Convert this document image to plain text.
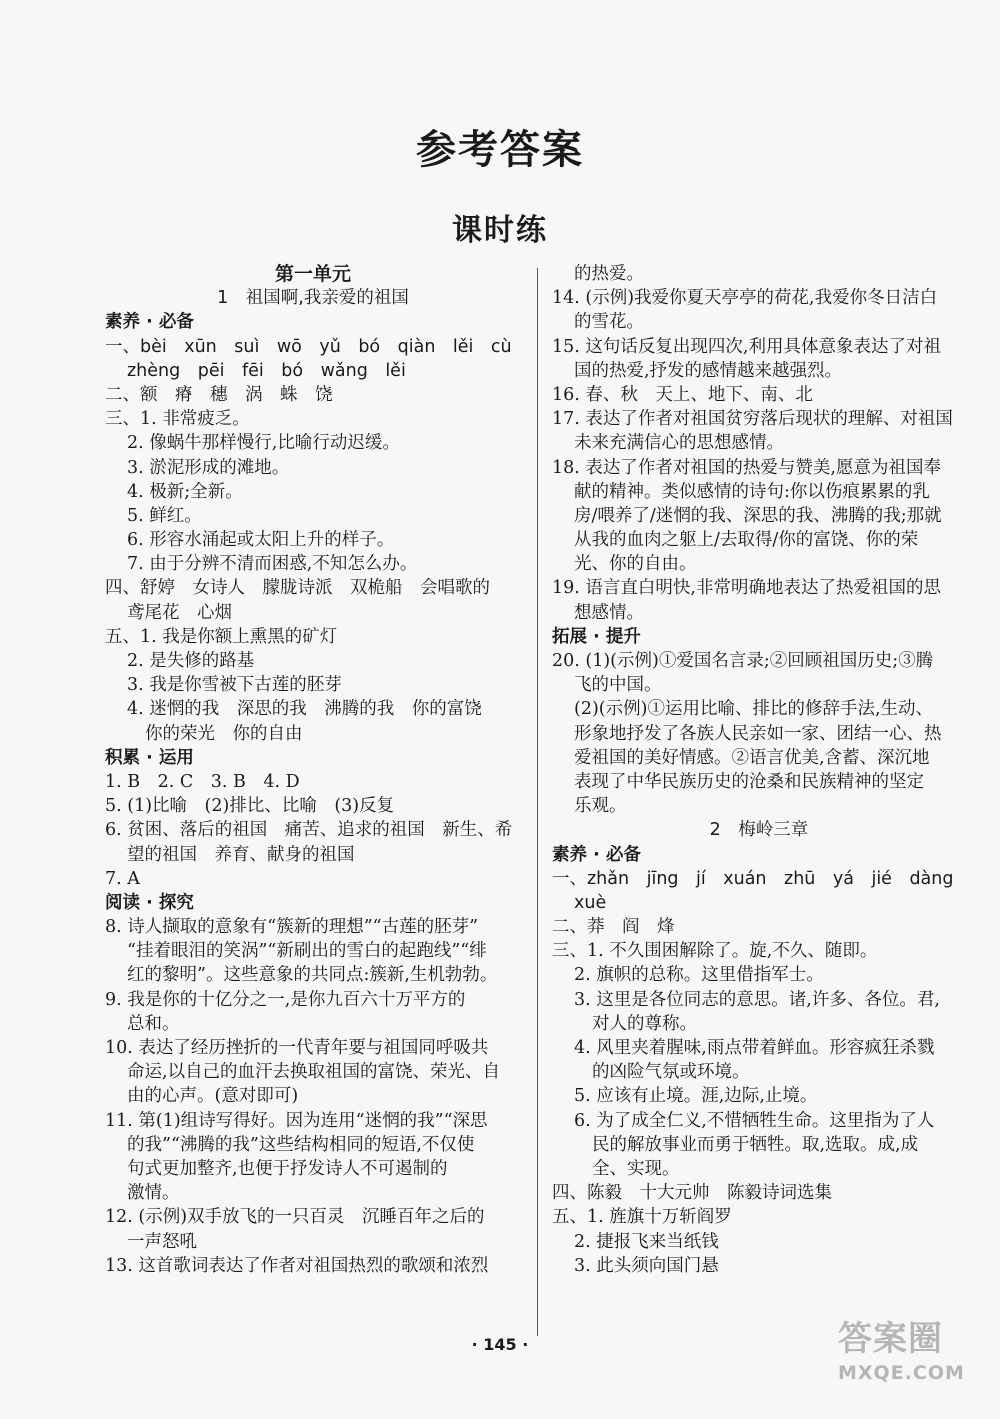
参考答案
课时练
第一单元
1　祖国啊,我亲爱的祖国
素养 · 必备
一、bèi　xūn　suì　wō　yǔ　bó　qiàn　lěi　cù
zhèng　pēi　fēi　bó　wǎng　lěi
二、额　瘠　穗　涡　蛛　饶
三、1. 非常疲乏。
2. 像蜗牛那样慢行,比喻行动迟缓。
3. 淤泥形成的滩地。
4. 极新;全新。
5. 鲜红。
6. 形容水涌起或太阳上升的样子。
7. 由于分辨不清而困惑,不知怎么办。
四、舒婷　女诗人　朦胧诗派　双桅船　会唱歌的
鸢尾花　心烟
五、1. 我是你额上熏黑的矿灯
2. 是失修的路基
3. 我是你雪被下古莲的胚芽
4. 迷惘的我　深思的我　沸腾的我　你的富饶
你的荣光　你的自由
积累 · 运用
1. B　2. C　3. B　4. D
5. (1)比喻　(2)排比、比喻　(3)反复
6. 贫困、落后的祖国　痛苦、追求的祖国　新生、希
望的祖国　养育、献身的祖国
7. A
阅读 · 探究
8. 诗人撷取的意象有“簇新的理想”“古莲的胚芽”
“挂着眼泪的笑涡”“新刷出的雪白的起跑线”“绯
红的黎明”。这些意象的共同点:簇新,生机勃勃。
9. 我是你的十亿分之一,是你九百六十万平方的
总和。
10. 表达了经历挫折的一代青年要与祖国同呼吸共
命运,以自己的血汗去换取祖国的富饶、荣光、自
由的心声。(意对即可)
11. 第(1)组诗写得好。因为连用“迷惘的我”“深思
的我”“沸腾的我”这些结构相同的短语,不仅使
句式更加整齐,也便于抒发诗人不可遏制的
激情。
12. (示例)双手放飞的一只百灵　沉睡百年之后的
一声怒吼
13. 这首歌词表达了作者对祖国热烈的歌颂和浓烈
的热爱。
14. (示例)我爱你夏天亭亭的荷花,我爱你冬日洁白
的雪花。
15. 这句话反复出现四次,利用具体意象表达了对祖
国的热爱,抒发的感情越来越强烈。
16. 春、秋　天上、地下、南、北
17. 表达了作者对祖国贫穷落后现状的理解、对祖国
未来充满信心的思想感情。
18. 表达了作者对祖国的热爱与赞美,愿意为祖国奉
献的精神。类似感情的诗句:你以伤痕累累的乳
房/喂养了/迷惘的我、深思的我、沸腾的我;那就
从我的血肉之躯上/去取得/你的富饶、你的荣
光、你的自由。
19. 语言直白明快,非常明确地表达了热爱祖国的思
想感情。
拓展 · 提升
20. (1)(示例)①爱国名言录;②回顾祖国历史;③腾
飞的中国。
(2)(示例)①运用比喻、排比的修辞手法,生动、
形象地抒发了各族人民亲如一家、团结一心、热
爱祖国的美好情感。②语言优美,含蓄、深沉地
表现了中华民族历史的沧桑和民族精神的坚定
乐观。
2　梅岭三章
素养 · 必备
一、zhǎn　jīng　jí　xuán　zhū　yá　jié　dàng
xuè
二、莽　阎　烽
三、1. 不久围困解除了。旋,不久、随即。
2. 旗帜的总称。这里借指军士。
3. 这里是各位同志的意思。诸,许多、各位。君,
对人的尊称。
4. 风里夹着腥味,雨点带着鲜血。形容疯狂杀戮
的凶险气氛或环境。
5. 应该有止境。涯,边际,止境。
6. 为了成全仁义,不惜牺牲生命。这里指为了人
民的解放事业而勇于牺牲。取,选取。成,成
全、实现。
四、陈毅　十大元帅　陈毅诗词选集
五、1. 旌旗十万斩阎罗
2. 捷报飞来当纸钱
3. 此头须向国门悬
· 145 ·	答案圈
MXQE.COM
